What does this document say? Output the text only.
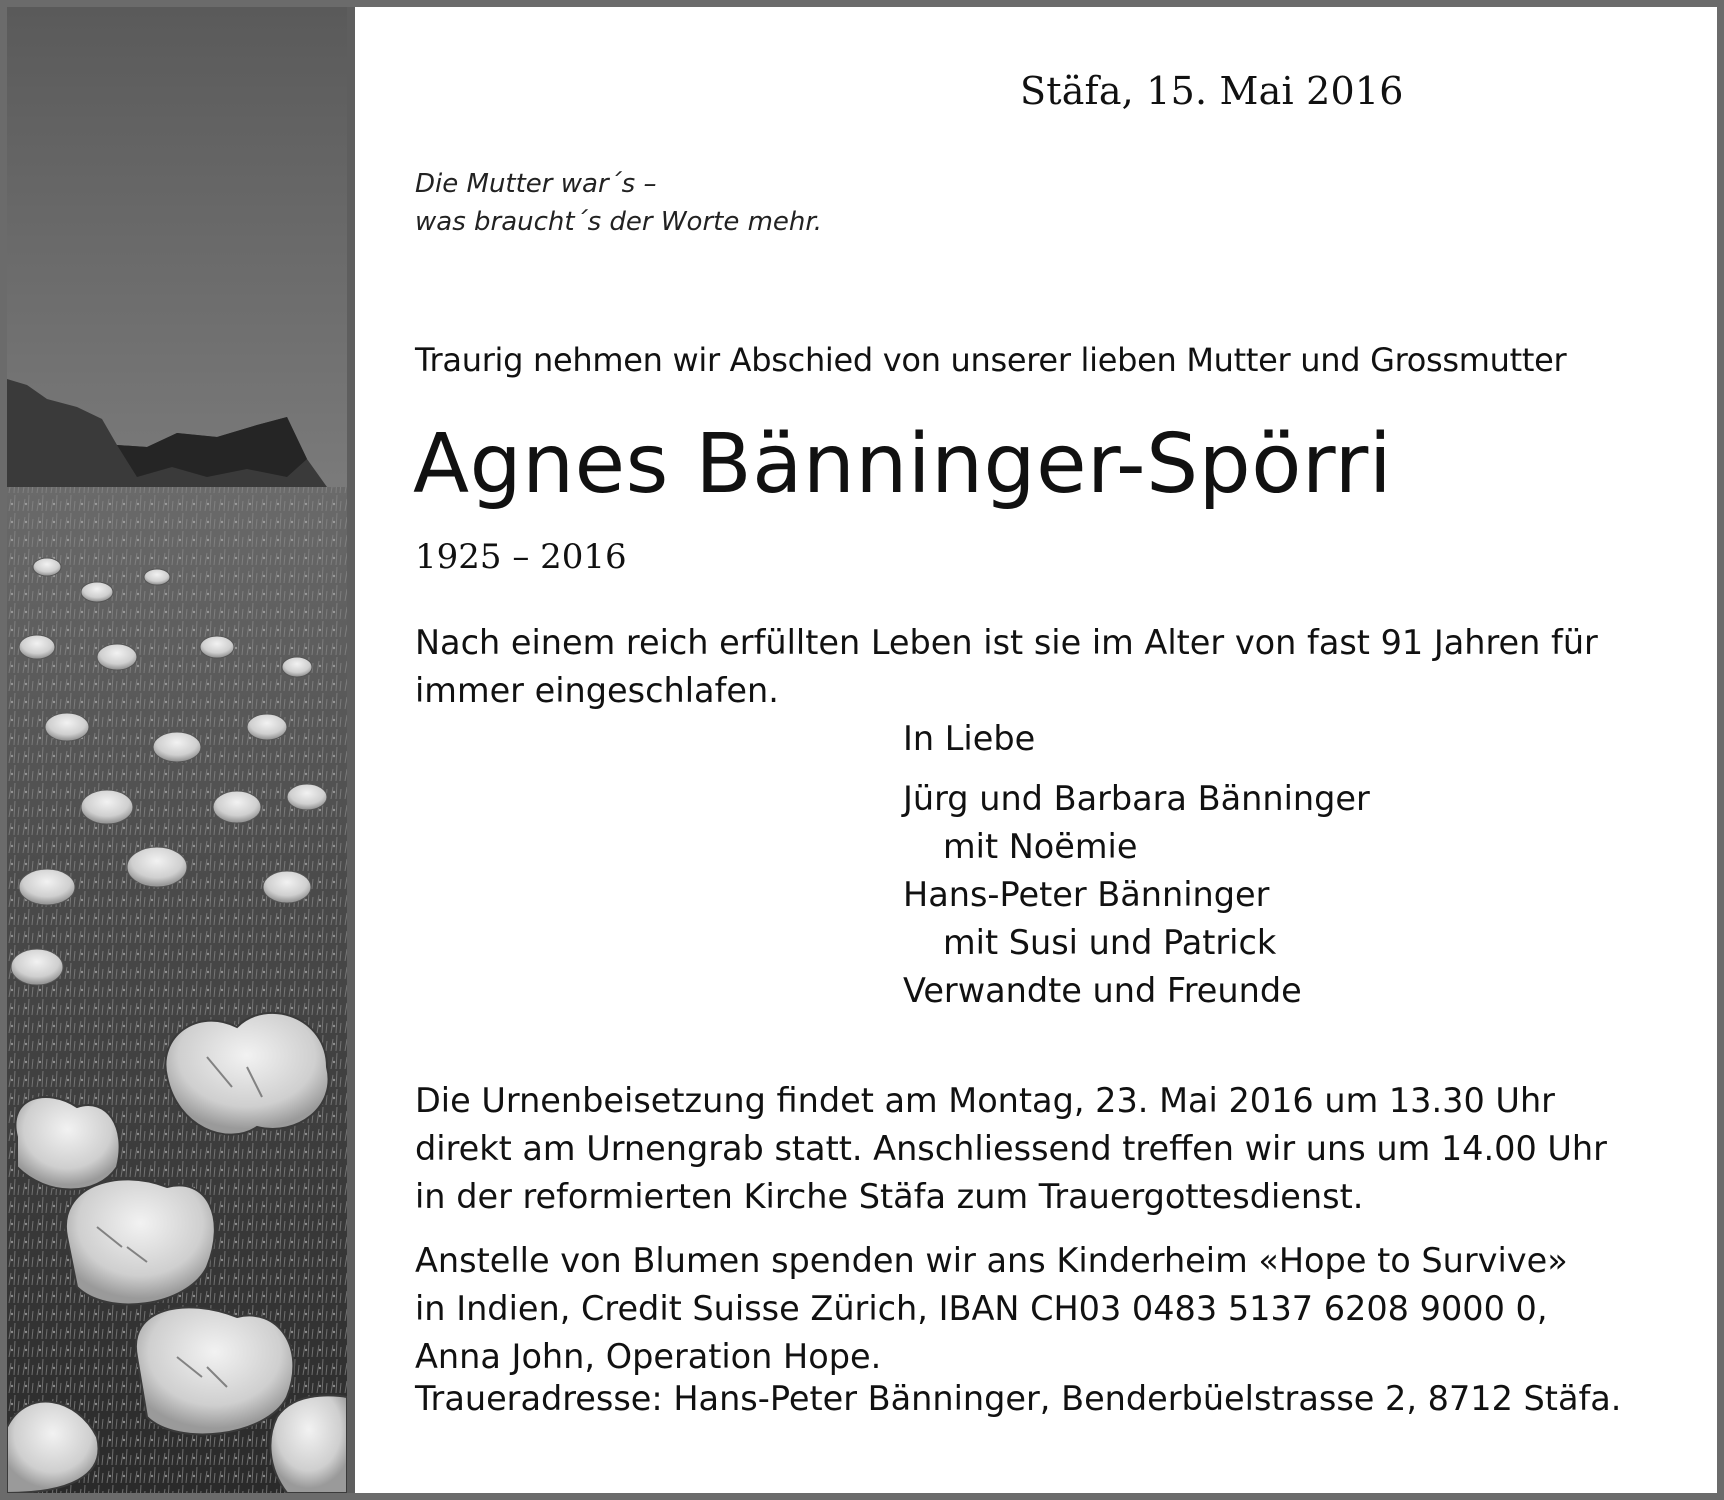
Stäfa, 15. Mai 2016
Die Mutter war´s –
was braucht´s der Worte mehr.
Traurig nehmen wir Abschied von unserer lieben Mutter und Grossmutter
Agnes Bänninger-Spörri
1925 – 2016

Nach einem reich erfüllten Leben ist sie im Alter von fast 91 Jahren für
immer eingeschlafen.

In Liebe
Jürg und Barbara Bänninger
mit Noëmie
Hans-Peter Bänninger
mit Susi und Patrick
Verwandte und Freunde

Die Urnenbeisetzung findet am Montag, 23. Mai 2016 um 13.30 Uhr
direkt am Urnengrab statt. Anschliessend treffen wir uns um 14.00 Uhr
in der reformierten Kirche Stäfa zum Trauergottesdienst.

Anstelle von Blumen spenden wir ans Kinderheim «Hope to Survive»
in Indien, Credit Suisse Zürich, IBAN CH03 0483 5137 6208 9000 0,
Anna John, Operation Hope.

Traueradresse: Hans-Peter Bänninger, Benderbüelstrasse 2, 8712 Stäfa.
